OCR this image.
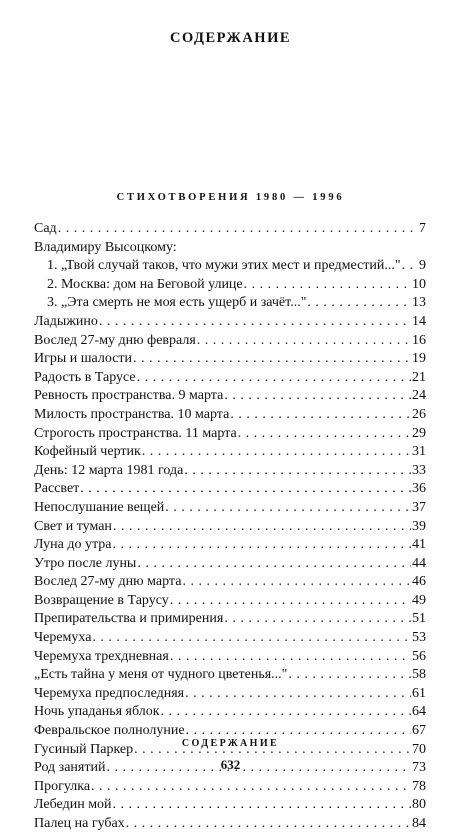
СОДЕРЖАНИЕ
СТИХОТВОРЕНИЯ 1980 — 1996
Сад . . .	7
Владимиру Высоцкому:
1. „Твой случай таков, что мужи этих мест и предместий..." . . . 9
2. Москва: дом на Беговой улице . . .	10
3. „Эта смерть не моя есть ущерб и зачёт..." . . .	13
Ладыжино . . .	14
Вослед 27-му дню февраля . . .	16
Игры и шалости . . .	19
Радость в Тарусе . . .	21
Ревность пространства. 9 марта . . .	24
Милость пространства. 10 марта . . .	26
Строгость пространства. 11 марта . . .	29
Кофейный чертик . . .	31
День: 12 марта 1981 года . . .	33
Рассвет . . .	36
Непослушание вещей . . .	37
Свет и туман . . .	39
Луна до утра . . .	41
Утро после луны . . .	44
Вослед 27-му дню марта . . .	46
Возвращение в Тарусу . . .	49
Препирательства и примирения . . .	51
Черемуха . . .	53
Черемуха трехдневная . . .	56
„Есть тайна у меня от чудного цветенья..." . . .	58
Черемуха предпоследняя . . .	61
Ночь упаданья яблок . . .	64
Февральское полнолуние . . .	67
Гусиный Паркер . . .	70
Род занятий . . .	73
Прогулка . . .	78
Лебедин мой . . .	80
Палец на губах . . .	84
СОДЕРЖАНИЕ
632
